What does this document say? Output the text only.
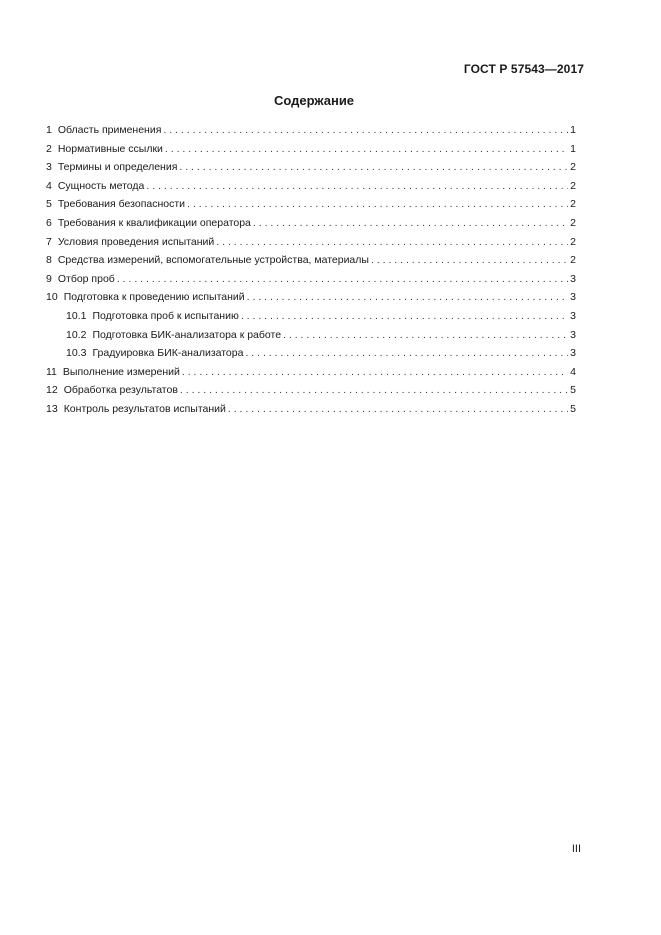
ГОСТ Р 57543—2017
Содержание
1 Область применения . . .	1
2 Нормативные ссылки . . .	1
3 Термины и определения . . .	2
4 Сущность метода . . .	2
5 Требования безопасности . . .	2
6 Требования к квалификации оператора . . .	2
7 Условия проведения испытаний . . .	2
8 Средства измерений, вспомогательные устройства, материалы . . .	2
9 Отбор проб . . .	3
10 Подготовка к проведению испытаний . . .	3
10.1 Подготовка проб к испытанию . . .	3
10.2 Подготовка БИК-анализатора к работе . . .	3
10.3 Градуировка БИК-анализатора . . .	3
11 Выполнение измерений . . .	4
12 Обработка результатов . . .	5
13 Контроль результатов испытаний . . .	5
III
